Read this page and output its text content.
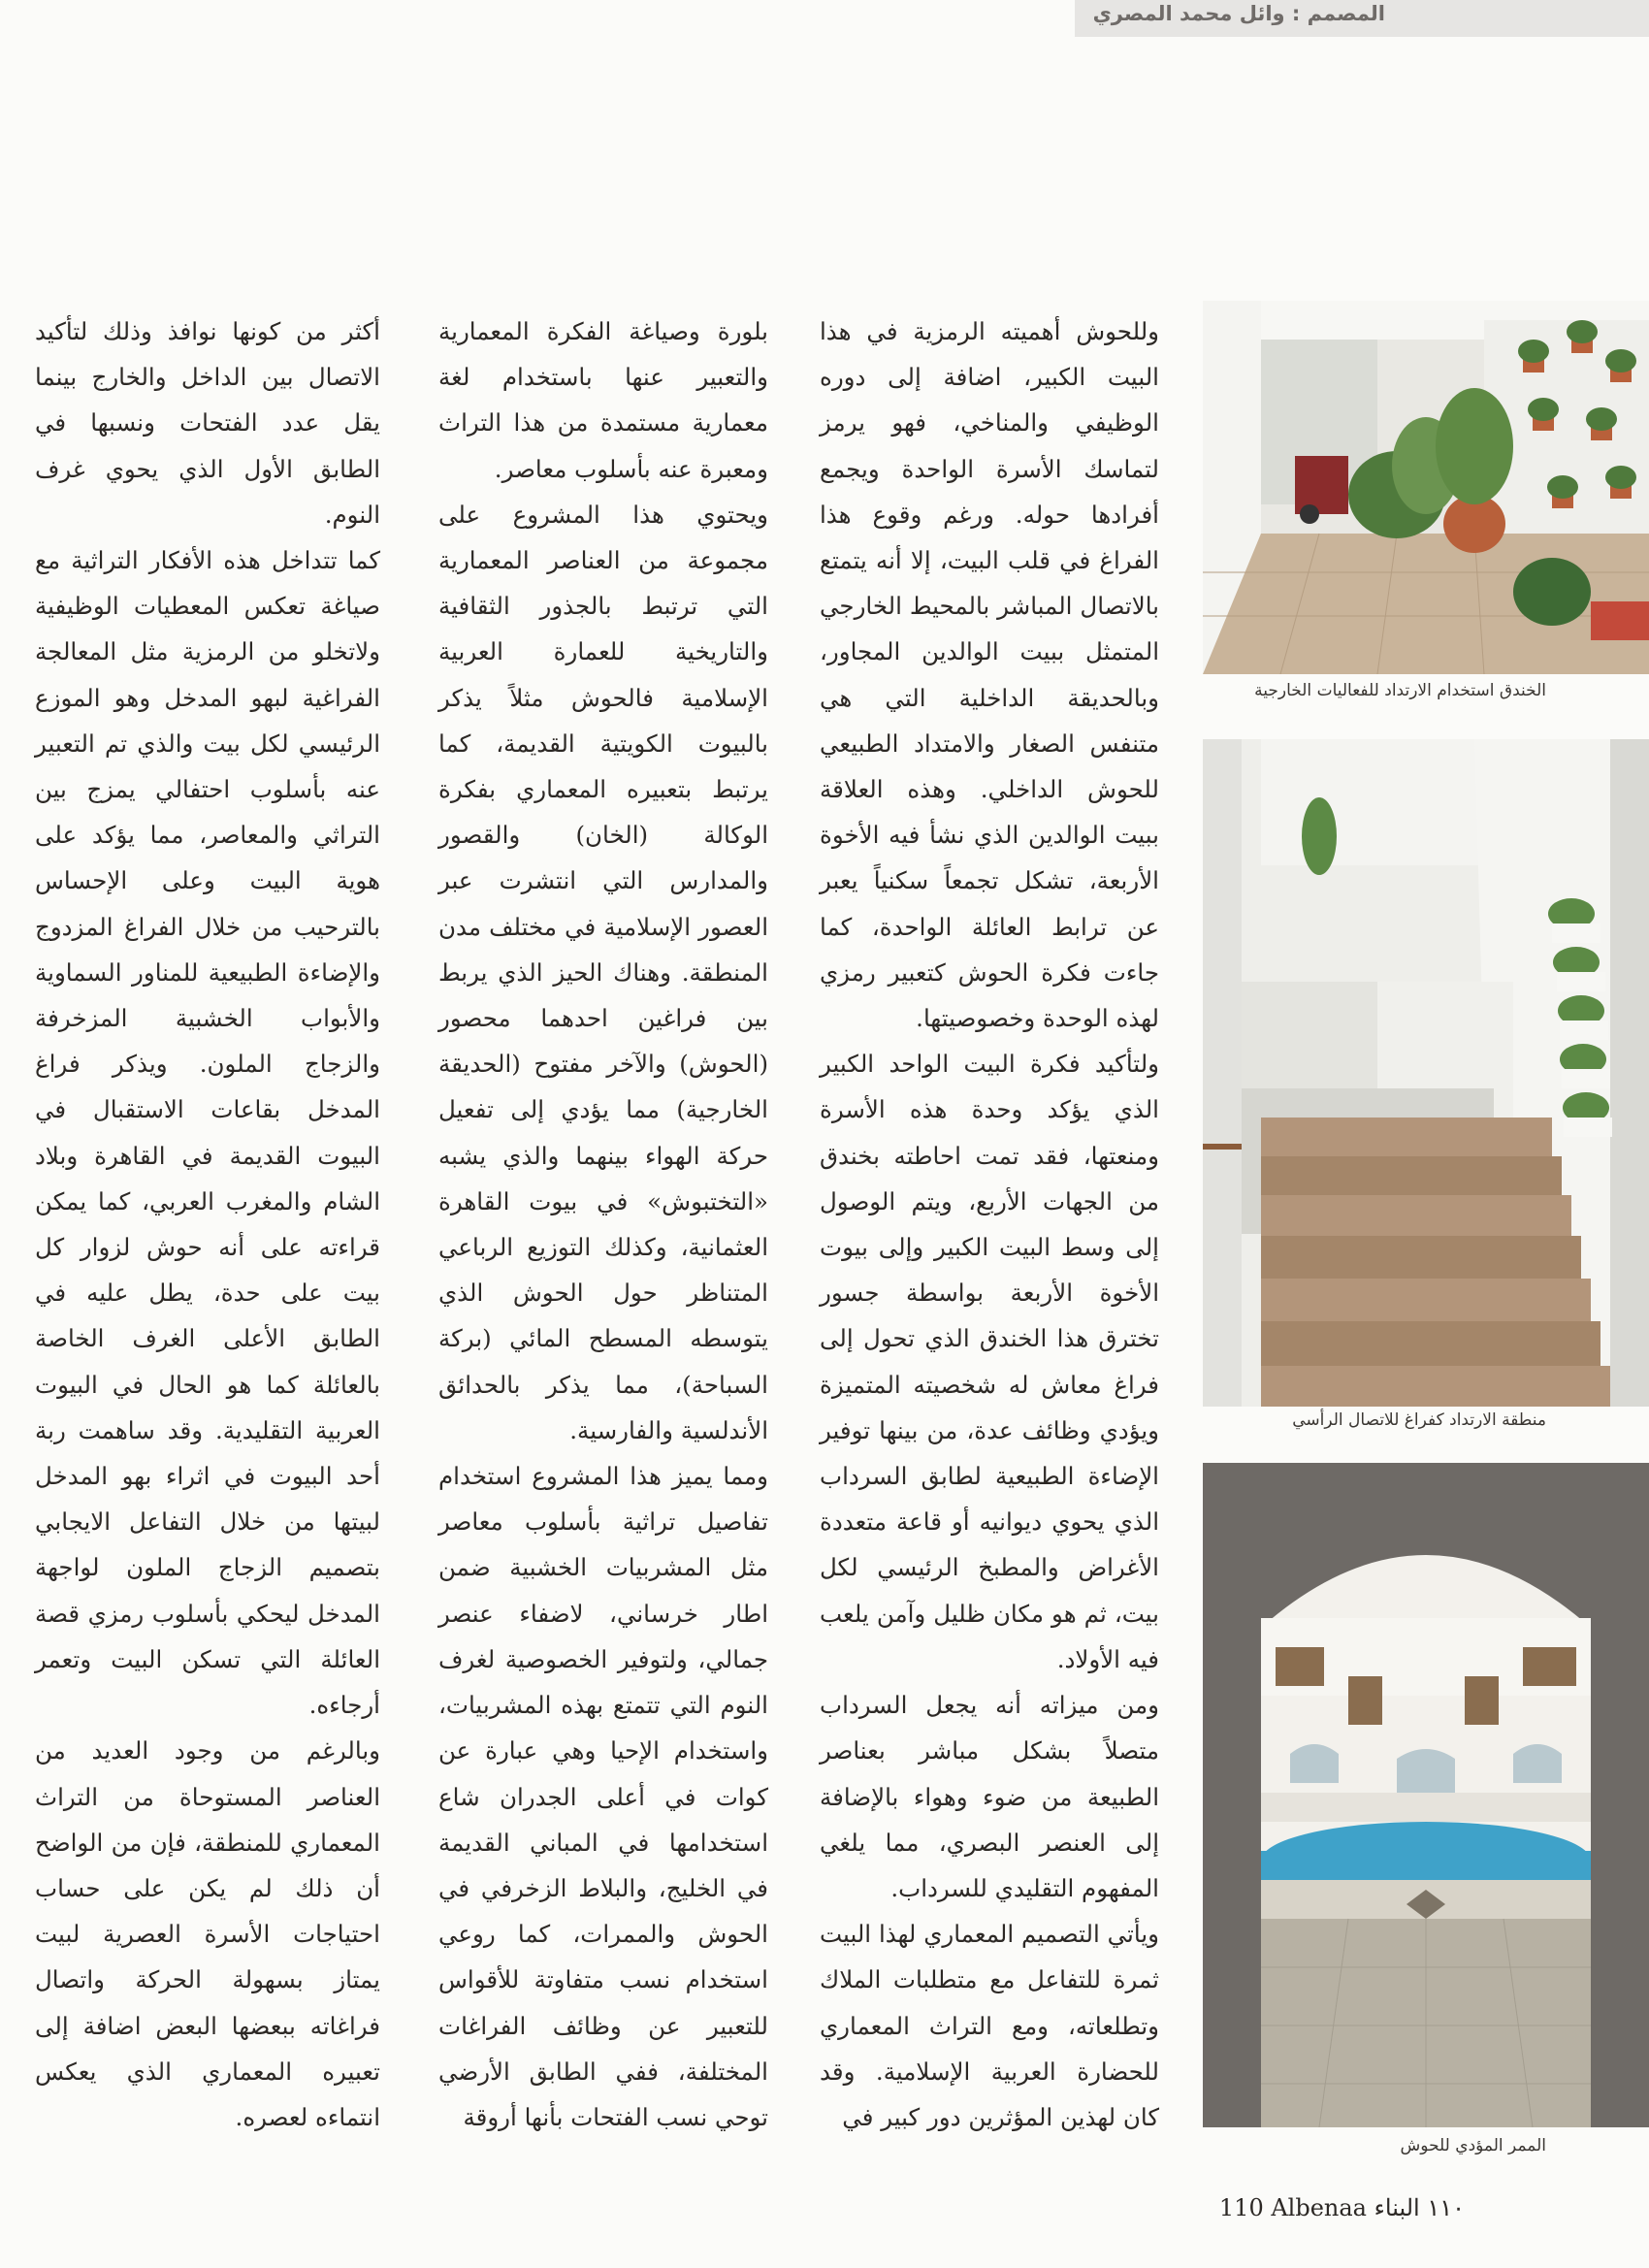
المصمم : وائل محمد المصري

وللحوش أهميته الرمزية في هذا البيت الكبير، اضافة إلى دوره الوظيفي والمناخي، فهو يرمز لتماسك الأسرة الواحدة ويجمع أفرادها حوله. ورغم وقوع هذا الفراغ في قلب البيت، إلا أنه يتمتع بالاتصال المباشر بالمحيط الخارجي المتمثل ببيت الوالدين المجاور، وبالحديقة الداخلية التي هي متنفس الصغار والامتداد الطبيعي للحوش الداخلي. وهذه العلاقة ببيت الوالدين الذي نشأ فيه الأخوة الأربعة، تشكل تجمعاً سكنياً يعبر عن ترابط العائلة الواحدة، كما جاءت فكرة الحوش كتعبير رمزي لهذه الوحدة وخصوصيتها.

ولتأكيد فكرة البيت الواحد الكبير الذي يؤكد وحدة هذه الأسرة ومنعتها، فقد تمت احاطته بخندق من الجهات الأربع، ويتم الوصول إلى وسط البيت الكبير وإلى بيوت الأخوة الأربعة بواسطة جسور تخترق هذا الخندق الذي تحول إلى فراغ معاش له شخصيته المتميزة ويؤدي وظائف عدة، من بينها توفير الإضاءة الطبيعية لطابق السرداب الذي يحوي ديوانيه أو قاعة متعددة الأغراض والمطبخ الرئيسي لكل بيت، ثم هو مكان ظليل وآمن يلعب فيه الأولاد.

ومن ميزاته أنه يجعل السرداب متصلاً بشكل مباشر بعناصر الطبيعة من ضوء وهواء بالإضافة إلى العنصر البصري، مما يلغي المفهوم التقليدي للسرداب.

ويأتي التصميم المعماري لهذا البيت ثمرة للتفاعل مع متطلبات الملاك وتطلعاته، ومع التراث المعماري للحضارة العربية الإسلامية. وقد كان لهذين المؤثرين دور كبير في

بلورة وصياغة الفكرة المعمارية والتعبير عنها باستخدام لغة معمارية مستمدة من هذا التراث ومعبرة عنه بأسلوب معاصر.

ويحتوي هذا المشروع على مجموعة من العناصر المعمارية التي ترتبط بالجذور الثقافية والتاريخية للعمارة العربية الإسلامية فالحوش مثلاً يذكر بالبيوت الكويتية القديمة، كما يرتبط بتعبيره المعماري بفكرة الوكالة (الخان) والقصور والمدارس التي انتشرت عبر العصور الإسلامية في مختلف مدن المنطقة. وهناك الحيز الذي يربط بين فراغين احدهما محصور (الحوش) والآخر مفتوح (الحديقة الخارجية) مما يؤدي إلى تفعيل حركة الهواء بينهما والذي يشبه «التختبوش» في بيوت القاهرة العثمانية، وكذلك التوزيع الرباعي المتناظر حول الحوش الذي يتوسطه المسطح المائي (بركة السباحة)، مما يذكر بالحدائق الأندلسية والفارسية.

ومما يميز هذا المشروع استخدام تفاصيل تراثية بأسلوب معاصر مثل المشربيات الخشبية ضمن اطار خرساني، لاضفاء عنصر جمالي، ولتوفير الخصوصية لغرف النوم التي تتمتع بهذه المشربيات، واستخدام الإحيا وهي عبارة عن كوات في أعلى الجدران شاع استخدامها في المباني القديمة في الخليج، والبلاط الزخرفي في الحوش والممرات، كما روعي استخدام نسب متفاوتة للأقواس للتعبير عن وظائف الفراغات المختلفة، ففي الطابق الأرضي توحي نسب الفتحات بأنها أروقة

أكثر من كونها نوافذ وذلك لتأكيد الاتصال بين الداخل والخارج بينما يقل عدد الفتحات ونسبها في الطابق الأول الذي يحوي غرف النوم.

كما تتداخل هذه الأفكار التراثية مع صياغة تعكس المعطيات الوظيفية ولاتخلو من الرمزية مثل المعالجة الفراغية لبهو المدخل وهو الموزع الرئيسي لكل بيت والذي تم التعبير عنه بأسلوب احتفالي يمزج بين التراثي والمعاصر، مما يؤكد على هوية البيت وعلى الإحساس بالترحيب من خلال الفراغ المزدوج والإضاءة الطبيعية للمناور السماوية والأبواب الخشبية المزخرفة والزجاج الملون. ويذكر فراغ المدخل بقاعات الاستقبال في البيوت القديمة في القاهرة وبلاد الشام والمغرب العربي، كما يمكن قراءته على أنه حوش لزوار كل بيت على حدة، يطل عليه في الطابق الأعلى الغرف الخاصة بالعائلة كما هو الحال في البيوت العربية التقليدية. وقد ساهمت ربة أحد البيوت في اثراء بهو المدخل لبيتها من خلال التفاعل الايجابي بتصميم الزجاج الملون لواجهة المدخل ليحكي بأسلوب رمزي قصة العائلة التي تسكن البيت وتعمر أرجاءه.

وبالرغم من وجود العديد من العناصر المستوحاة من التراث المعماري للمنطقة، فإن من الواضح أن ذلك لم يكن على حساب احتياجات الأسرة العصرية لبيت يمتاز بسهولة الحركة واتصال فراغاته ببعضها البعض اضافة إلى تعبيره المعماري الذي يعكس انتماءه لعصره.

الخندق استخدام الارتداد للفعاليات الخارجية
منطقة الارتداد كفراغ للاتصال الرأسي
الممر المؤدي للحوش
110 Albenaa ١١٠ البناء
